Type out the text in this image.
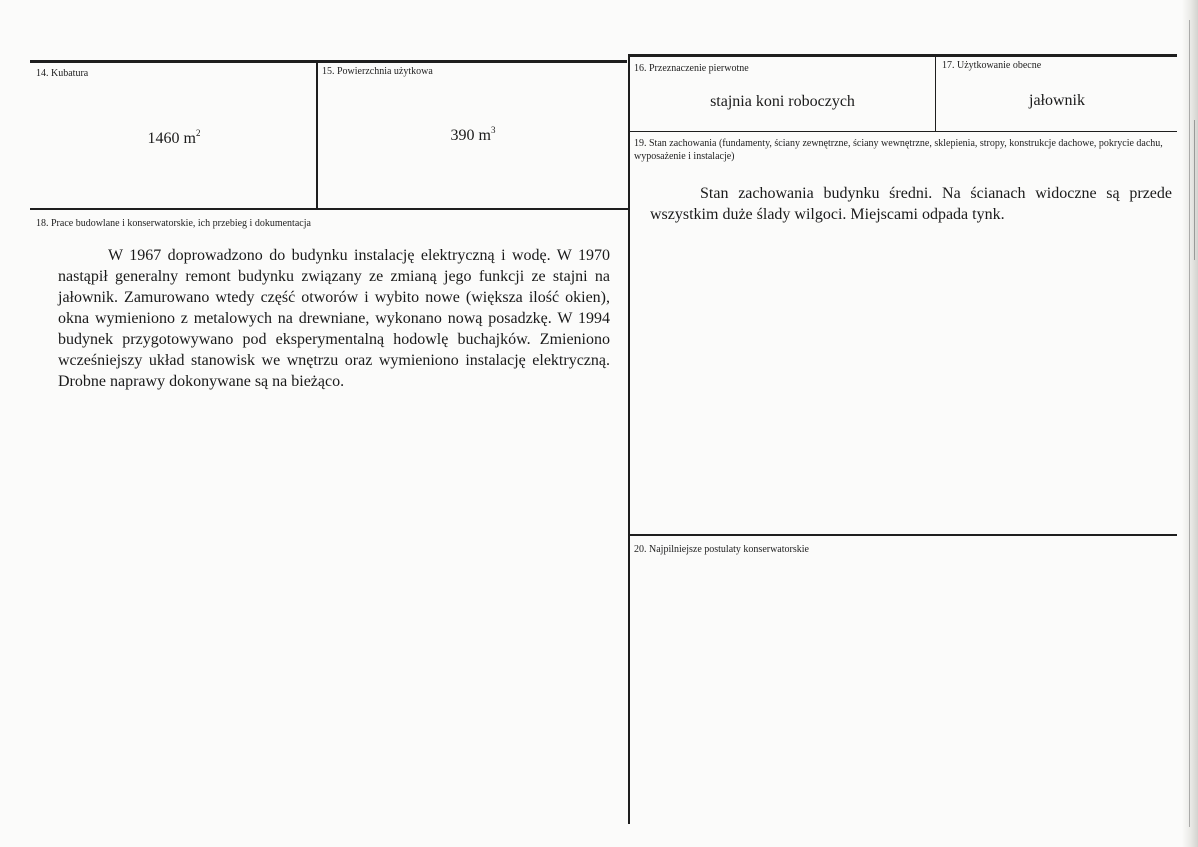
14. Kubatura
1460 $m^2$
15. Powierzchnia użytkowa
390 $m^3$
16. Przeznaczenie pierwotne
stajnia koni roboczych
17. Użytkowanie obecne
jałownik
19. Stan zachowania (fundamenty, ściany zewnętrzne, ściany wewnętrzne, sklepienia, stropy, konstrukcje dachowe, pokrycie dachu, wyposażenie i instalacje)
Stan zachowania budynku średni. Na ścianach widoczne są przede wszystkim duże ślady wilgoci. Miejscami odpada tynk.
18. Prace budowlane i konserwatorskie, ich przebieg i dokumentacja
W 1967 doprowadzono do budynku instalację elektryczną i wodę. W 1970 nastąpił generalny remont budynku związany ze zmianą jego funkcji ze stajni na jałownik. Zamurowano wtedy część otworów i wybito nowe (większa ilość okien), okna wymieniono z metalowych na drewniane, wykonano nową posadzkę. W 1994 budynek przygotowywano pod eksperymentalną hodowlę buchajków. Zmieniono wcześniejszy układ stanowisk we wnętrzu oraz wymieniono instalację elektryczną. Drobne naprawy dokonywane są na bieżąco.
20. Najpilniejsze postulaty konserwatorskie
